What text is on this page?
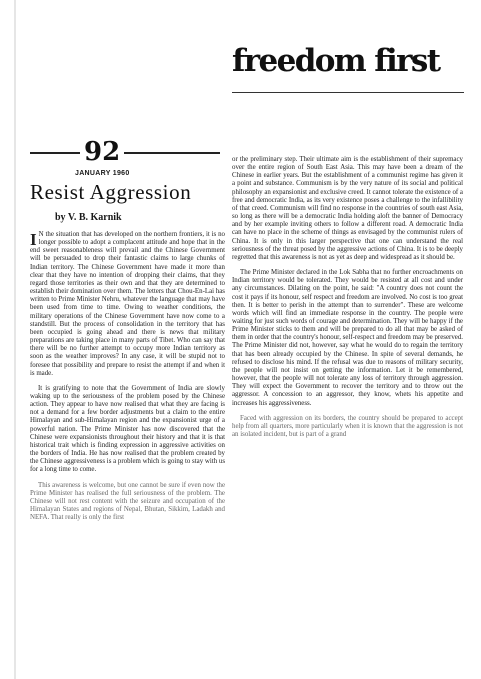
freedom first
92
JANUARY 1960
Resist Aggression
by V. B. Karnik

I N the situation that has developed on the northern frontiers, it is no longer possible to adopt a complacent attitude and hope that in the end sweet reasonableness will prevail and the Chinese Government will be persuaded to drop their fantastic claims to large chunks of Indian territory. The Chinese Government have made it more than clear that they have no intention of dropping their claims, that they regard those territories as their own and that they are determined to establish their domination over them. The letters that Chou-En-Lai has written to Prime Minister Nehru, whatever the language that may have been used from time to time. Owing to weather conditions, the military operations of the Chinese Government have now come to a standstill. But the process of consolidation in the territory that has been occupied is going ahead and there is news that military preparations are taking place in many parts of Tibet. Who can say that there will be no further attempt to occupy more Indian territory as soon as the weather improves? In any case, it will be stupid not to foresee that possibility and prepare to resist the attempt if and when it is made.

It is gratifying to note that the Government of India are slowly waking up to the seriousness of the problem posed by the Chinese action. They appear to have now realised that what they are facing is not a demand for a few border adjustments but a claim to the entire Himalayan and sub-Himalayan region and the expansionist urge of a powerful nation. The Prime Minister has now discovered that the Chinese were expansionists throughout their history and that it is that historical trait which is finding expression in aggressive activities on the borders of India. He has now realised that the problem created by the Chinese aggressiveness is a problem which is going to stay with us for a long time to come.

This awareness is welcome, but one cannot be sure if even now the Prime Minister has realised the full seriousness of the problem. The Chinese will not rest content with the seizure and occupation of the Himalayan States and regions of Nepal, Bhutan, Sikkim, Ladakh and NEFA. That really is only the first

or the preliminary step. Their ultimate aim is the establishment of their supremacy over the entire region of South East Asia. This may have been a dream of the Chinese in earlier years. But the establishment of a communist regime has given it a point and substance. Communism is by the very nature of its social and political philosophy an expansionist and exclusive creed. It cannot tolerate the existence of a free and democratic India, as its very existence poses a challenge to the infallibility of that creed. Communism will find no response in the countries of south east Asia, so long as there will be a democratic India holding aloft the banner of Democracy and by her example inviting others to follow a different road. A democratic India can have no place in the scheme of things as envisaged by the communist rulers of China. It is only in this larger perspective that one can understand the real seriousness of the threat posed by the aggressive actions of China. It is to be deeply regretted that this awareness is not as yet as deep and widespread as it should be.

The Prime Minister declared in the Lok Sabha that no further encroachments on Indian territory would be tolerated. They would be resisted at all cost and under any circumstances. Dilating on the point, he said: "A country does not count the cost it pays if its honour, self respect and freedom are involved. No cost is too great then. It is better to perish in the attempt than to surrender". These are welcome words which will find an immediate response in the country. The people were waiting for just such words of courage and determination. They will be happy if the Prime Minister sticks to them and will be prepared to do all that may be asked of them in order that the country's honour, self-respect and freedom may be preserved. The Prime Minister did not, however, say what he would do to regain the territory that has been already occupied by the Chinese. In spite of several demands, he refused to disclose his mind. If the refusal was due to reasons of military security, the people will not insist on getting the information. Let it be remembered, however, that the people will not tolerate any loss of territory through aggression. They will expect the Government to recover the territory and to throw out the aggressor. A concession to an aggressor, they know, whets his appetite and increases his aggressiveness.

Faced with aggression on its borders, the country should be prepared to accept help from all quarters, more particularly when it is known that the aggression is not an isolated incident, but is part of a grand
